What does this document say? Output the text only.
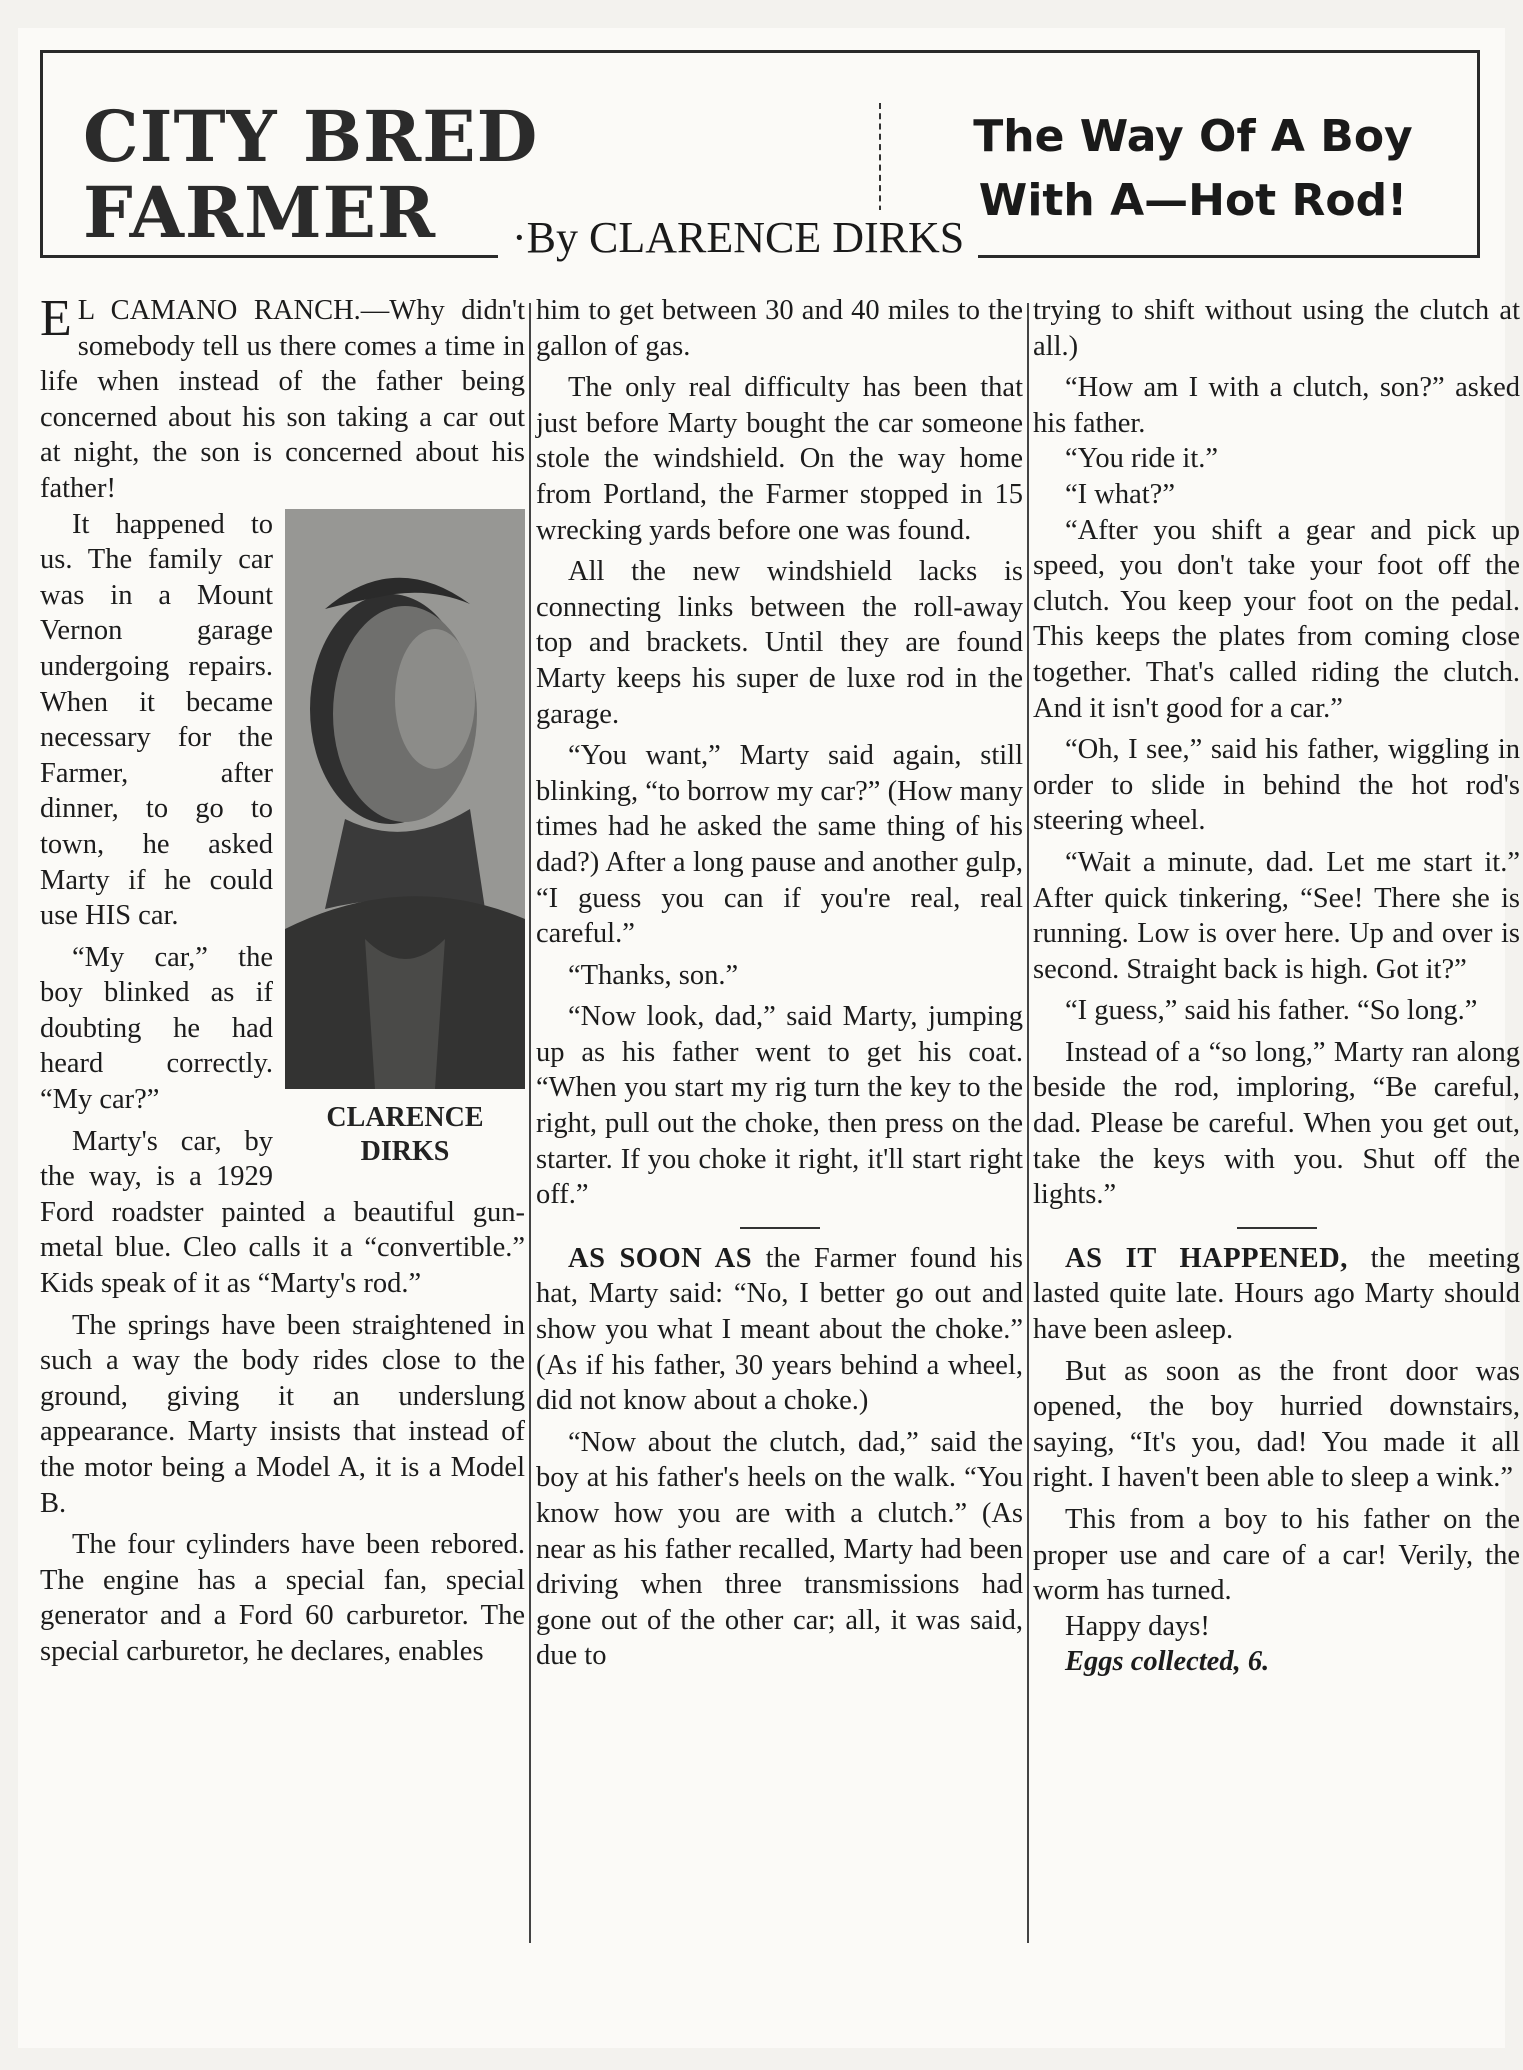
CITY BRED
FARMER
The Way Of A Boy
With A—Hot Rod!
·By CLARENCE DIRKS

E L CAMANO RANCH.—Why didn't somebody tell us there comes a time in life when instead of the father being concerned about his son taking a car out at night, the son is concerned about his father!

CLARENCE
DIRKS

It happened to us. The family car was in a Mount Vernon garage undergoing repairs. When it became necessary for the Farmer, after dinner, to go to town, he asked Marty if he could use HIS car.

“My car,” the boy blinked as if doubting he had heard correctly. “My car?”

Marty's car, by the way, is a 1929 Ford roadster painted a beautiful gun-metal blue. Cleo calls it a “convertible.” Kids speak of it as “Marty's rod.”

The springs have been straightened in such a way the body rides close to the ground, giving it an underslung appearance. Marty insists that instead of the motor being a Model A, it is a Model B.

The four cylinders have been rebored. The engine has a special fan, special generator and a Ford 60 carburetor. The special carburetor, he declares, enables

him to get between 30 and 40 miles to the gallon of gas.

The only real difficulty has been that just before Marty bought the car someone stole the windshield. On the way home from Portland, the Farmer stopped in 15 wrecking yards before one was found.

All the new windshield lacks is connecting links between the roll-away top and brackets. Until they are found Marty keeps his super de luxe rod in the garage.

“You want,” Marty said again, still blinking, “to borrow my car?” (How many times had he asked the same thing of his dad?) After a long pause and another gulp, “I guess you can if you're real, real careful.”

“Thanks, son.”

“Now look, dad,” said Marty, jumping up as his father went to get his coat. “When you start my rig turn the key to the right, pull out the choke, then press on the starter. If you choke it right, it'll start right off.”

AS SOON AS the Farmer found his hat, Marty said: “No, I better go out and show you what I meant about the choke.” (As if his father, 30 years behind a wheel, did not know about a choke.)

“Now about the clutch, dad,” said the boy at his father's heels on the walk. “You know how you are with a clutch.” (As near as his father recalled, Marty had been driving when three transmissions had gone out of the other car; all, it was said, due to

trying to shift without using the clutch at all.)

“How am I with a clutch, son?” asked his father.

“You ride it.”

“I what?”

“After you shift a gear and pick up speed, you don't take your foot off the clutch. You keep your foot on the pedal. This keeps the plates from coming close together. That's called riding the clutch. And it isn't good for a car.”

“Oh, I see,” said his father, wiggling in order to slide in behind the hot rod's steering wheel.

“Wait a minute, dad. Let me start it.” After quick tinkering, “See! There she is running. Low is over here. Up and over is second. Straight back is high. Got it?”

“I guess,” said his father. “So long.”

Instead of a “so long,” Marty ran along beside the rod, imploring, “Be careful, dad. Please be careful. When you get out, take the keys with you. Shut off the lights.”

AS IT HAPPENED, the meeting lasted quite late. Hours ago Marty should have been asleep.

But as soon as the front door was opened, the boy hurried downstairs, saying, “It's you, dad! You made it all right. I haven't been able to sleep a wink.”

This from a boy to his father on the proper use and care of a car! Verily, the worm has turned.

Happy days!

Eggs collected, 6.
